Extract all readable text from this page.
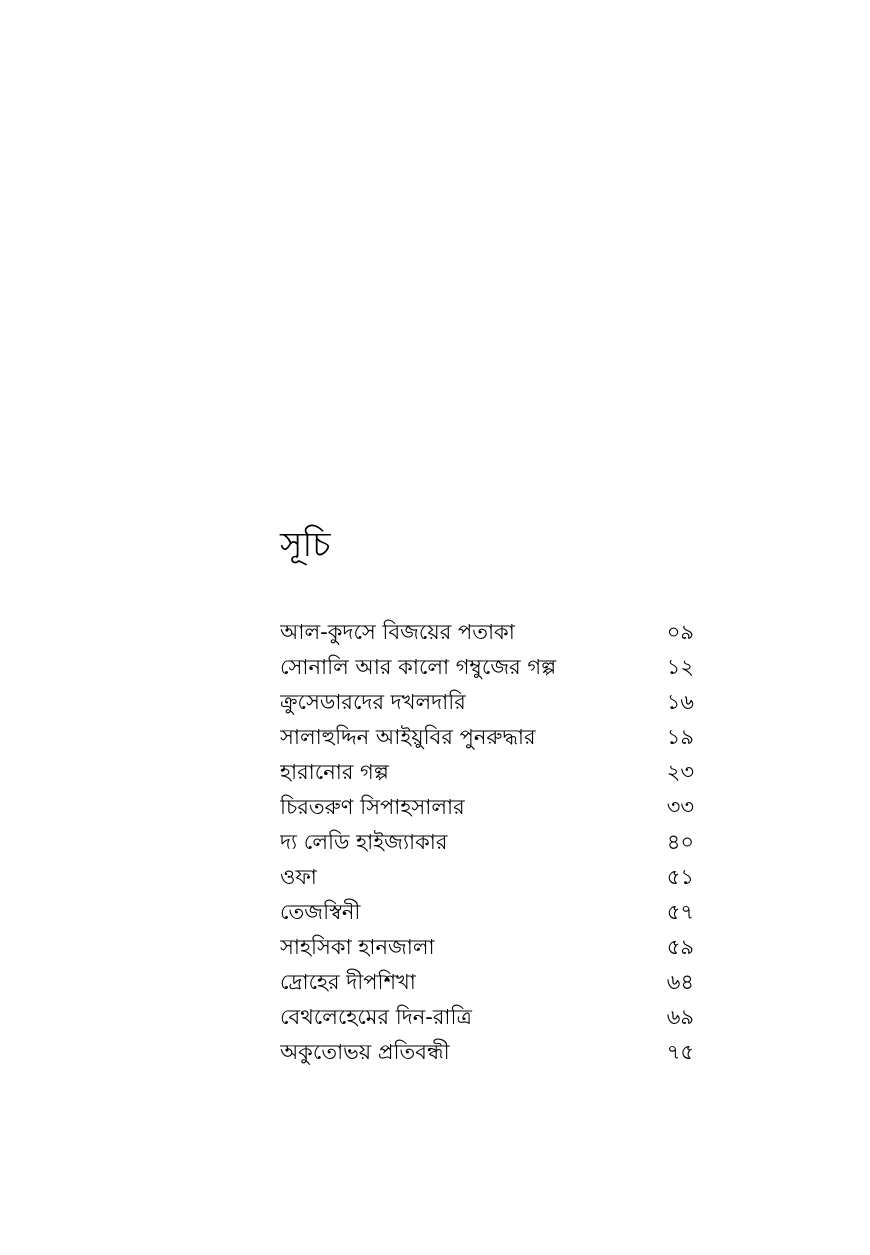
সূচি
আল-কুদসে বিজয়ের পতাকা	০৯
সোনালি আর কালো গম্বুজের গল্প	১২
ক্রুসেডারদের দখলদারি	১৬
সালাহুদ্দিন আইয়ুবির পুনরুদ্ধার	১৯
হারানোর গল্প	২৩
চিরতরুণ সিপাহসালার	৩৩
দ্য লেডি হাইজ্যাকার	৪০
ওফা	৫১
তেজস্বিনী	৫৭
সাহসিকা হানজালা	৫৯
দ্রোহের দীপশিখা	৬৪
বেথলেহেমের দিন-রাত্রি	৬৯
অকুতোভয় প্রতিবন্ধী	৭৫
